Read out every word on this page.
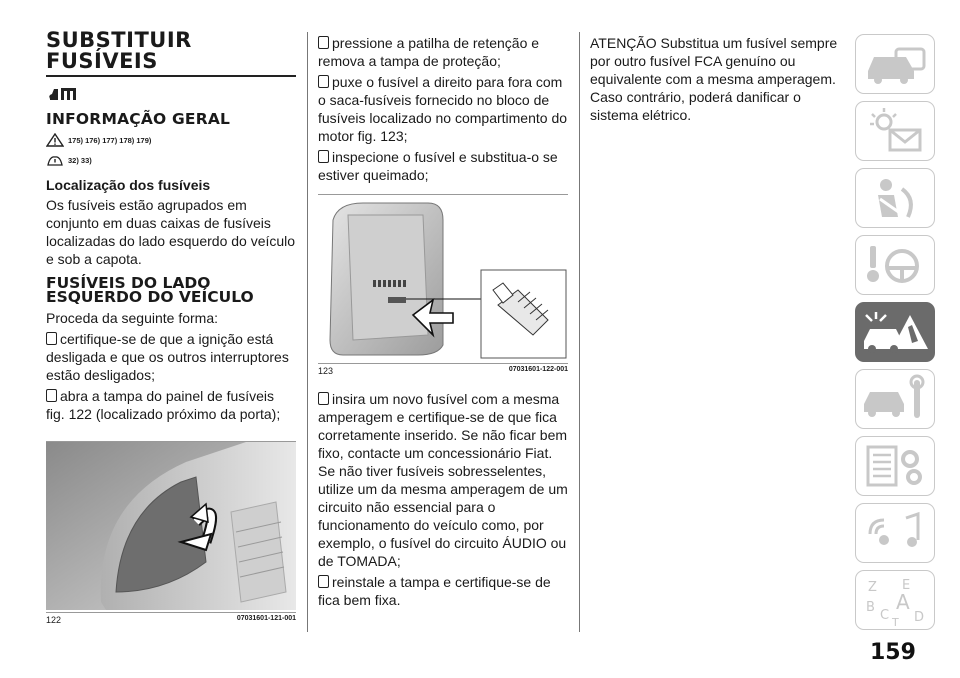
SUBSTITUIR
FUSÍVEIS
INFORMAÇÃO GERAL
175) 176) 177) 178) 179)
32) 33)
Localização dos fusíveis

Os fusíveis estão agrupados em conjunto em duas caixas de fusíveis localizadas do lado esquerdo do veículo e sob a capota.

FUSÍVEIS DO LADO ESQUERDO DO VEÍCULO

Proceda da seguinte forma:

certifique-se de que a ignição está desligada e que os outros interruptores estão desligados;

abra a tampa do painel de fusíveis fig. 122 (localizado próximo da porta);

122	07031601-121-001

pressione a patilha de retenção e remova a tampa de proteção;

puxe o fusível a direito para fora com o saca-fusíveis fornecido no bloco de fusíveis localizado no compartimento do motor fig. 123;

inspecione o fusível e substitua-o se estiver queimado;

123	07031601-122-001

insira um novo fusível com a mesma amperagem e certifique-se de que fica corretamente inserido. Se não ficar bem fixo, contacte um concessionário Fiat. Se não tiver fusíveis sobresselentes, utilize um da mesma amperagem de um circuito não essencial para o funcionamento do veículo como, por exemplo, o fusível do circuito ÁUDIO ou de TOMADA;

reinstale a tampa e certifique-se de fica bem fixa.

ATENÇÃO Substitua um fusível sempre por outro fusível FCA genuíno ou equivalente com a mesma amperagem. Caso contrário, poderá danificar o sistema elétrico.

Z E
B A
C D
T
159
